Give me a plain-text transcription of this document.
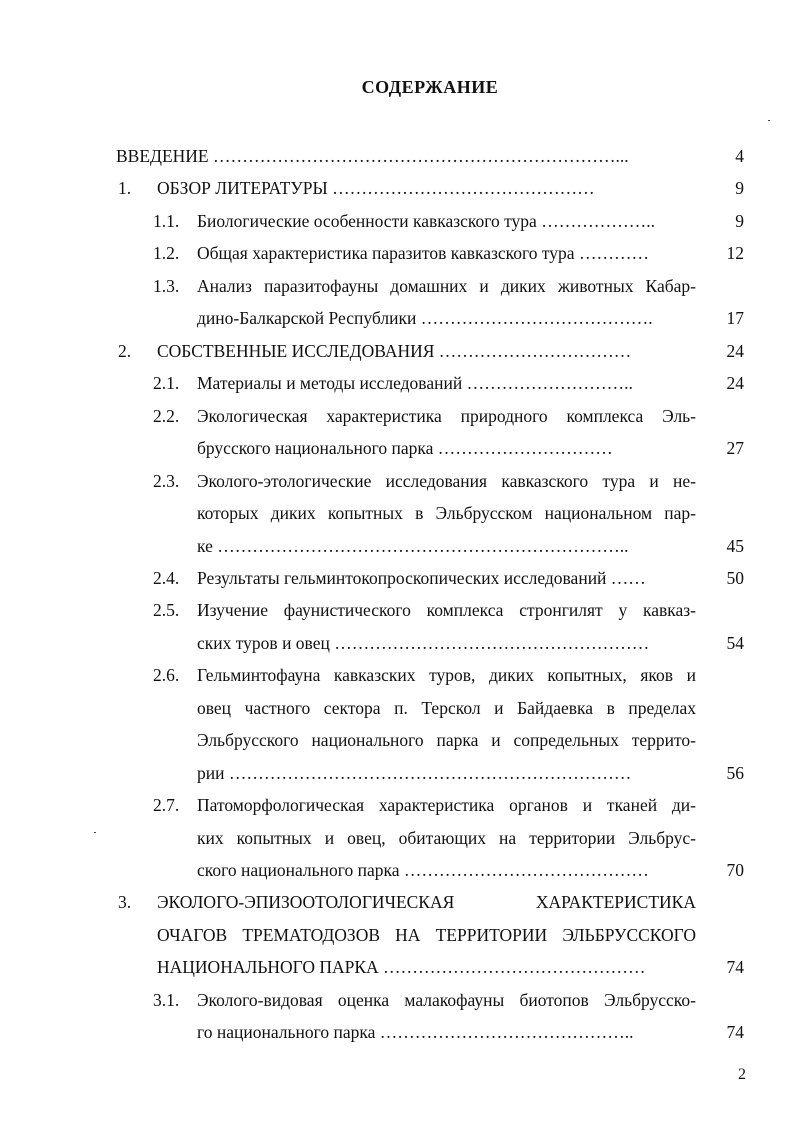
СОДЕРЖАНИЕ
ВВЕДЕНИЕ ……………………………………………………………...	4
1. ОБЗОР ЛИТЕРАТУРЫ ………………………………………	9
1.1. Биологические особенности кавказского тура ………………..	9
1.2. Общая характеристика паразитов кавказского тура …………	12
1.3. Анализ паразитофауны домашних и диких животных Кабар-
дино-Балкарской Республики ………………………………….	17
2. СОБСТВЕННЫЕ ИССЛЕДОВАНИЯ ……………………………	24
2.1. Материалы и методы исследований ………………………..	24
2.2. Экологическая характеристика природного комплекса Эль-
брусского национального парка …………………………	27
2.3. Эколого-этологические исследования кавказского тура и не-
которых диких копытных в Эльбрусском национальном пар-
ке ……………………………………………………………..	45
2.4. Результаты гельминтокопроскопических исследований ……	50
2.5. Изучение фаунистического комплекса стронгилят у кавказ-
ских туров и овец ………………………………………………	54
2.6. Гельминтофауна кавказских туров, диких копытных, яков и
овец частного сектора п. Терскол и Байдаевка в пределах
Эльбрусского национального парка и сопредельных террито-
рии ……………………………………………………………	56
2.7. Патоморфологическая характеристика органов и тканей ди-
ких копытных и овец, обитающих на территории Эльбрус-
ского национального парка ……………………………………	70
3. ЭКОЛОГО-ЭПИЗООТОЛОГИЧЕСКАЯ ХАРАКТЕРИСТИКА
ОЧАГОВ ТРЕМАТОДОЗОВ НА ТЕРРИТОРИИ ЭЛЬБРУССКОГО
НАЦИОНАЛЬНОГО ПАРКА ………………………………………	74
3.1. Эколого-видовая оценка малакофауны биотопов Эльбрусско-
го национального парка ……………………………………..	74
2
